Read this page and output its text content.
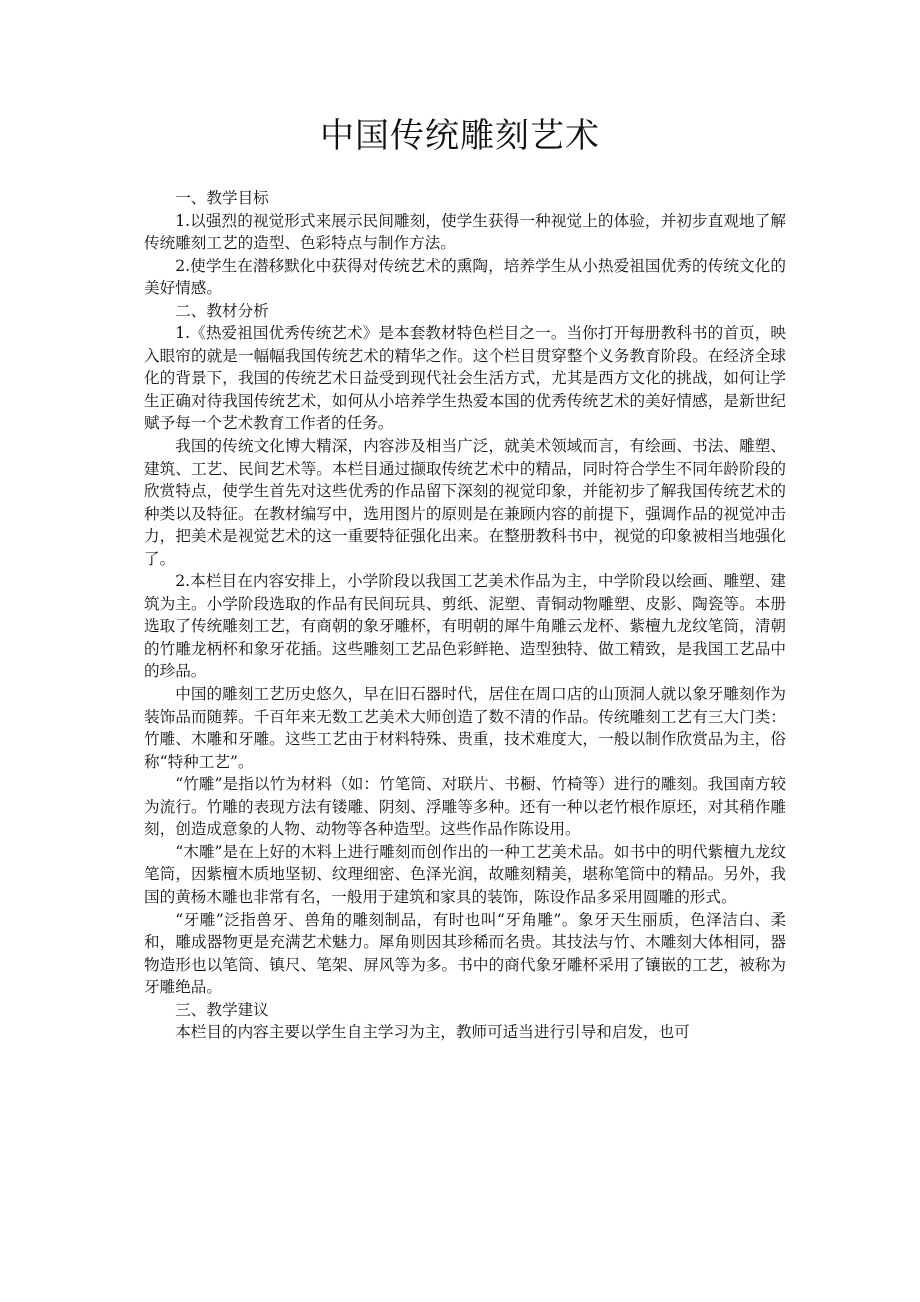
中国传统雕刻艺术

一、教学目标

1.以强烈的视觉形式来展示民间雕刻，使学生获得一种视觉上的体验，并初步直观地了解传统雕刻工艺的造型、色彩特点与制作方法。

2.使学生在潜移默化中获得对传统艺术的熏陶，培养学生从小热爱祖国优秀的传统文化的美好情感。

二、教材分析

1.《热爱祖国优秀传统艺术》是本套教材特色栏目之一。当你打开每册教科书的首页，映入眼帘的就是一幅幅我国传统艺术的精华之作。这个栏目贯穿整个义务教育阶段。在经济全球化的背景下，我国的传统艺术日益受到现代社会生活方式，尤其是西方文化的挑战，如何让学生正确对待我国传统艺术，如何从小培养学生热爱本国的优秀传统艺术的美好情感，是新世纪赋予每一个艺术教育工作者的任务。

我国的传统文化博大精深，内容涉及相当广泛，就美术领域而言，有绘画、书法、雕塑、建筑、工艺、民间艺术等。本栏目通过撷取传统艺术中的精品，同时符合学生不同年龄阶段的欣赏特点，使学生首先对这些优秀的作品留下深刻的视觉印象，并能初步了解我国传统艺术的种类以及特征。在教材编写中，选用图片的原则是在兼顾内容的前提下，强调作品的视觉冲击力，把美术是视觉艺术的这一重要特征强化出来。在整册教科书中，视觉的印象被相当地强化了。

2.本栏目在内容安排上，小学阶段以我国工艺美术作品为主，中学阶段以绘画、雕塑、建筑为主。小学阶段选取的作品有民间玩具、剪纸、泥塑、青铜动物雕塑、皮影、陶瓷等。本册选取了传统雕刻工艺，有商朝的象牙雕杯，有明朝的犀牛角雕云龙杯、紫檀九龙纹笔筒，清朝的竹雕龙柄杯和象牙花插。这些雕刻工艺品色彩鲜艳、造型独特、做工精致，是我国工艺品中的珍品。

中国的雕刻工艺历史悠久，早在旧石器时代，居住在周口店的山顶洞人就以象牙雕刻作为装饰品而随葬。千百年来无数工艺美术大师创造了数不清的作品。传统雕刻工艺有三大门类：竹雕、木雕和牙雕。这些工艺由于材料特殊、贵重，技术难度大，一般以制作欣赏品为主，俗称“特种工艺”。

“竹雕”是指以竹为材料（如：竹笔筒、对联片、书橱、竹椅等）进行的雕刻。我国南方较为流行。竹雕的表现方法有镂雕、阴刻、浮雕等多种。还有一种以老竹根作原坯，对其稍作雕刻，创造成意象的人物、动物等各种造型。这些作品作陈设用。

“木雕”是在上好的木料上进行雕刻而创作出的一种工艺美术品。如书中的明代紫檀九龙纹笔筒，因紫檀木质地坚韧、纹理细密、色泽光润，故雕刻精美，堪称笔筒中的精品。另外，我国的黄杨木雕也非常有名，一般用于建筑和家具的装饰，陈设作品多采用圆雕的形式。

“牙雕”泛指兽牙、兽角的雕刻制品，有时也叫“牙角雕”。象牙天生丽质，色泽洁白、柔和，雕成器物更是充满艺术魅力。犀角则因其珍稀而名贵。其技法与竹、木雕刻大体相同，器物造形也以笔筒、镇尺、笔架、屏风等为多。书中的商代象牙雕杯采用了镶嵌的工艺，被称为牙雕绝品。

三、教学建议

本栏目的内容主要以学生自主学习为主，教师可适当进行引导和启发，也可
